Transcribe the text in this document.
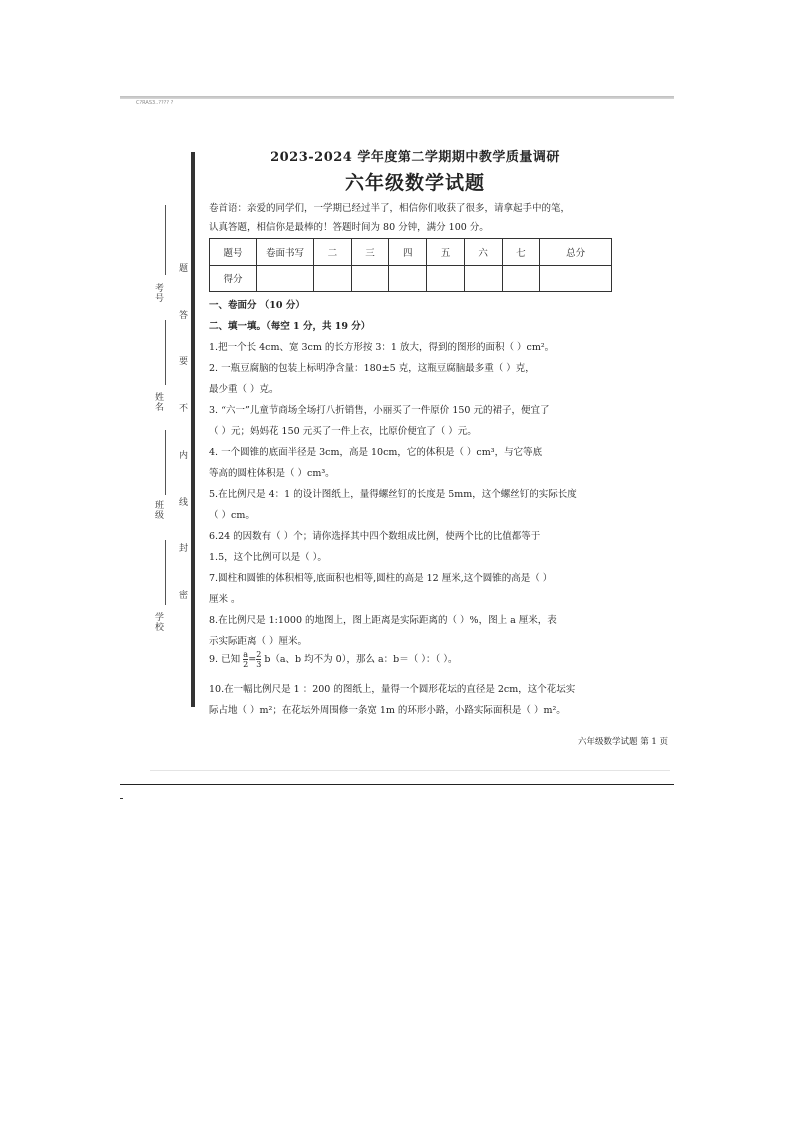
C?RAS3..???? ?
考号
姓名
班级
学校
题
答
要
不
内
线
封
密
2023-2024 学年度第二学期期中教学质量调研
六年级数学试题
卷首语：亲爱的同学们，一学期已经过半了，相信你们收获了很多，请拿起手中的笔，
认真答题，相信你是最棒的！答题时间为 80 分钟，满分 100 分。
题号	卷面书写	二	三	四	五	六	七	总分
得分								
一、卷面分 （10 分）
二、填一填。（每空 1 分，共 19 分）
1.把一个长 4cm、宽 3cm 的长方形按 3：1 放大，得到的图形的面积（ ）cm²。
2. 一瓶豆腐脑的包装上标明净含量：180±5 克，这瓶豆腐脑最多重（ ）克，
最少重（ ）克。
3. “六一”儿童节商场全场打八折销售，小丽买了一件原价 150 元的裙子，便宜了
（ ）元；妈妈花 150 元买了一件上衣，比原价便宜了（ ）元。
4. 一个圆锥的底面半径是 3cm，高是 10cm，它的体积是（ ）cm³，与它等底
等高的圆柱体积是（ ）cm³。
5.在比例尺是 4：1 的设计图纸上，量得螺丝钉的长度是 5mm，这个螺丝钉的实际长度
（ ）cm。
6.24 的因数有（ ）个；请你选择其中四个数组成比例，使两个比的比值都等于
1.5，这个比例可以是（ ）。
7.圆柱和圆锥的体积相等,底面积也相等,圆柱的高是 12 厘米,这个圆锥的高是（ ）
厘米 。
8.在比例尺是 1:1000 的地图上，图上距离是实际距离的（ ）%，图上 a 厘米，表
示实际距离（ ）厘米。
9. 已知 $\frac{a}{2} = \frac{2}{3} b(a$、b 均不为 0），那么 a：b＝（ ）：（ ）。
10.在一幅比例尺是 1 ：200 的图纸上，量得一个圆形花坛的直径是 2cm，这个花坛实
际占地（ ）m²；在花坛外周围修一条宽 1m 的环形小路，小路实际面积是（ ）m²。
六年级数学试题 第 1 页
